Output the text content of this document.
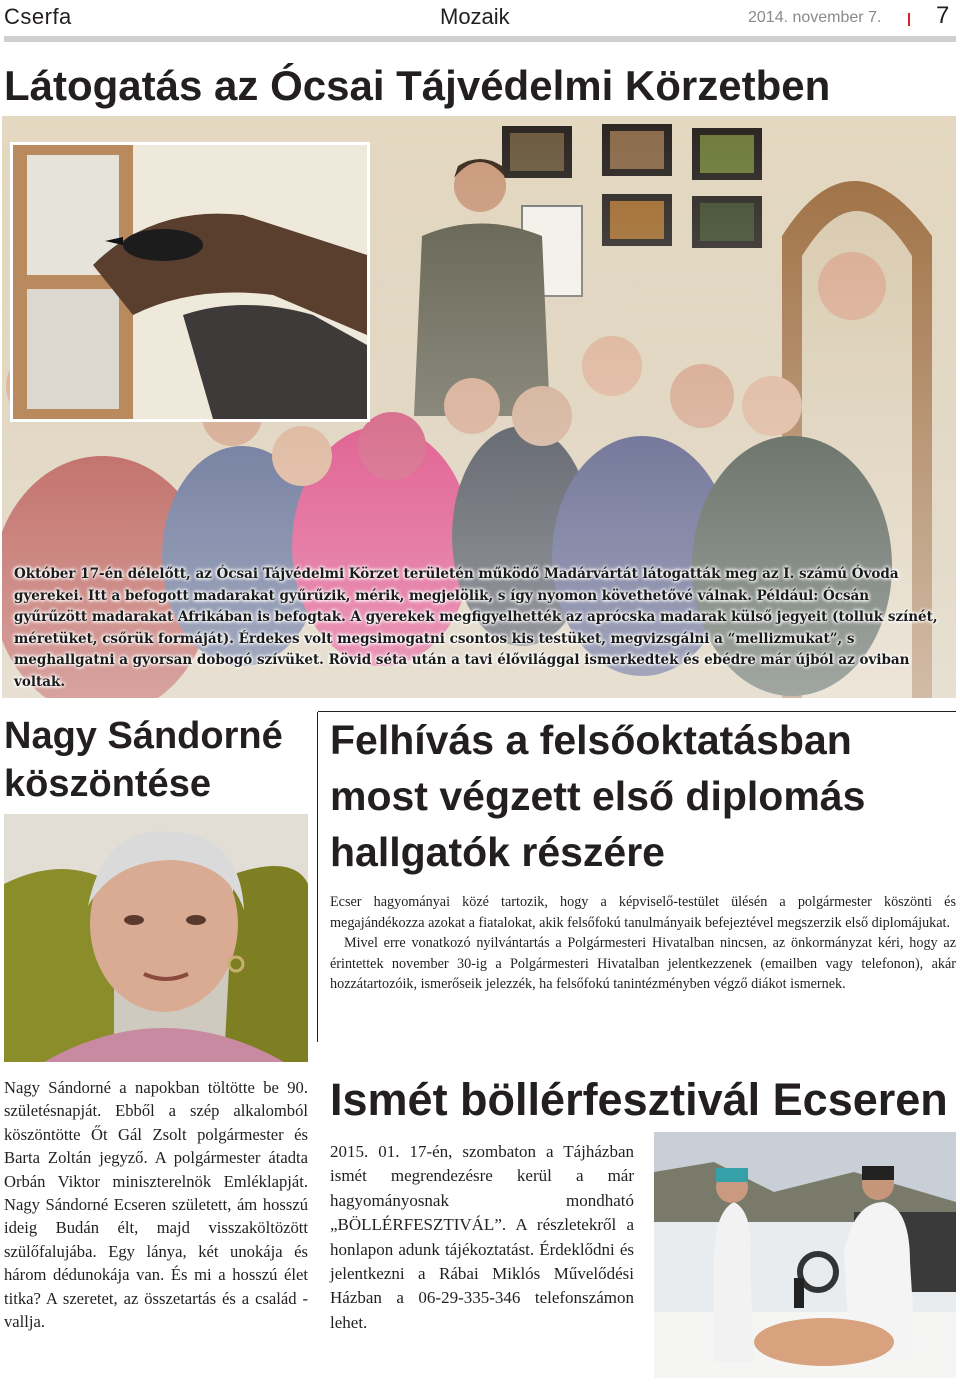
Cserfa	Mozaik	2014. november 7. 7
Látogatás az Ócsai Tájvédelmi Körzetben

Október 17-én délelőtt, az Ócsai Tájvédelmi Körzet területén működő Madárvártát látogatták meg az I. számú Óvoda gyerekei. Itt a befogott madarakat gyűrűzik, mérik, megjelölik, s így nyomon követhetővé válnak. Például: Ócsán gyűrűzött madarakat Afrikában is befogtak. A gyerekek megfigyelhették az aprócska madarak külső jegyeit (tolluk színét, méretüket, csőrük formáját). Érdekes volt megsimogatni csontos kis testüket, megvizsgálni a “mellizmukat”, s meghallgatni a gyorsan dobogó szívüket. Rövid séta után a tavi élővilággal ismerkedtek és ebédre már újból az oviban voltak.

Nagy Sándorné köszöntése

Nagy Sándorné a napokban töltötte be 90. születésnapját. Ebből a szép alkalomból köszöntötte Őt Gál Zsolt polgármester és Barta Zoltán jegyző. A polgármester átadta Orbán Viktor miniszterelnök Emléklapját. Nagy Sándorné Ecseren született, ám hosszú ideig Budán élt, majd visszaköltözött szülőfalujába. Egy lánya, két unokája és három dédunokája van. És mi a hosszú élet titka? A szeretet, az összetartás és a család - vallja.

Felhívás a felsőoktatásban most végzett első diplomás hallgatók részére

Ecser hagyományai közé tartozik, hogy a képviselő-testület ülésén a polgármester köszönti és megajándékozza azokat a fiatalokat, akik felsőfokú tanulmányaik befejeztével megszerzik első diplomájukat.

Mivel erre vonatkozó nyilvántartás a Polgármesteri Hivatalban nincsen, az önkormányzat kéri, hogy az érintettek november 30-ig a Polgármesteri Hivatalban jelentkezzenek (emailben vagy telefonon), akár hozzátartozóik, ismerőseik jelezzék, ha felsőfokú tanintézményben végző diákot ismernek.

Ismét böllérfesztivál Ecseren

2015. 01. 17-én, szombaton a Tájházban ismét megrendezésre kerül a már hagyományosnak mondható „BÖLLÉRFESZTIVÁL”. A részletekről a honlapon adunk tájékoztatást. Érdeklődni és jelentkezni a Rábai Miklós Művelődési Házban a 06-29-335-346 telefonszámon lehet.
